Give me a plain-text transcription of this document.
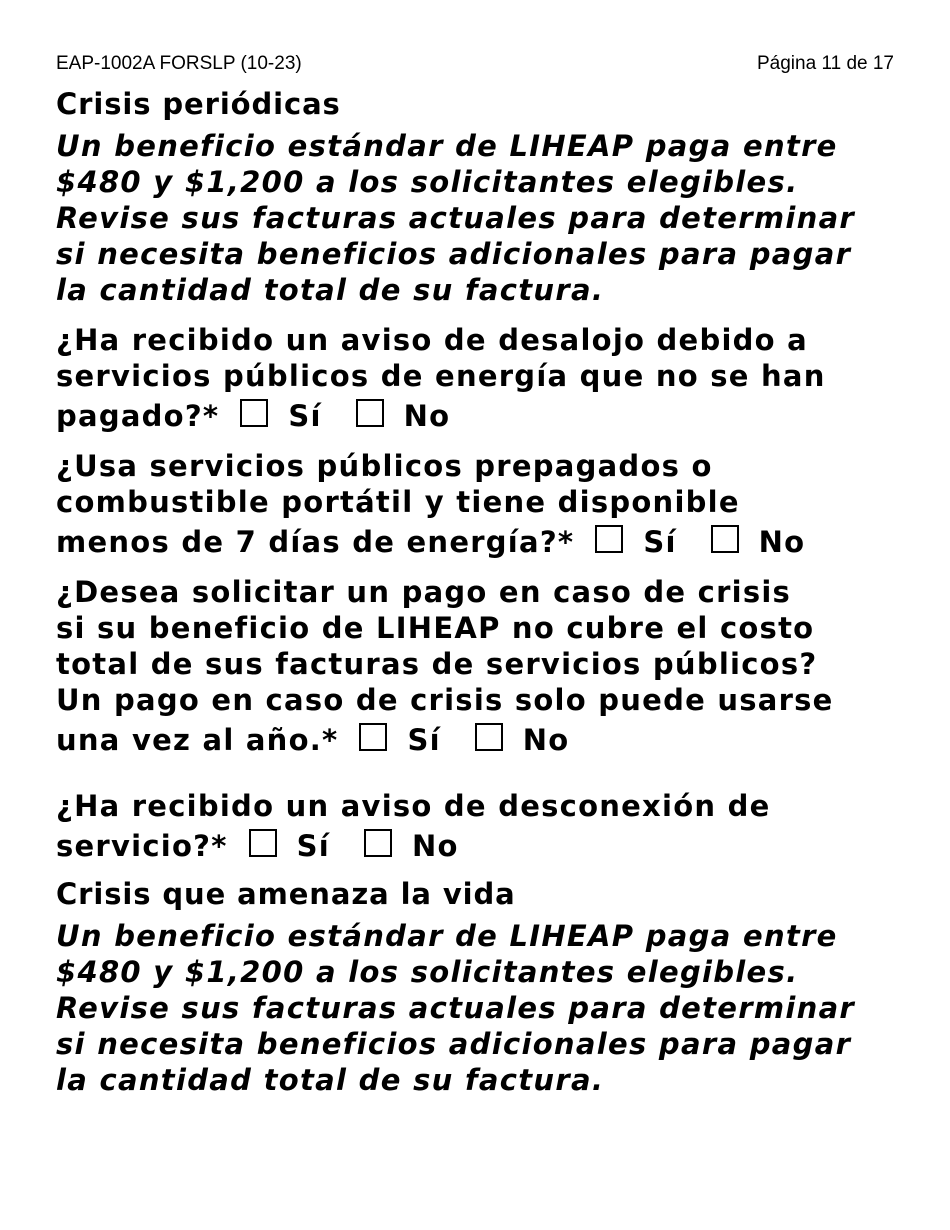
EAP-1002A FORSLP (10-23)	Página 11 de 17
Crisis periódicas
Un beneficio estándar de LIHEAP paga entre
$480 y $1,200 a los solicitantes elegibles.
Revise sus facturas actuales para determinar
si necesita beneficios adicionales para pagar
la cantidad total de su factura.
¿Ha recibido un aviso de desalojo debido a
servicios públicos de energía que no se han
pagado?* Sí	No
¿Usa servicios públicos prepagados o
combustible portátil y tiene disponible
menos de 7 días de energía?* Sí	No
¿Desea solicitar un pago en caso de crisis
si su beneficio de LIHEAP no cubre el costo
total de sus facturas de servicios públicos?
Un pago en caso de crisis solo puede usarse
una vez al año.* Sí	No
¿Ha recibido un aviso de desconexión de
servicio?* Sí	No
Crisis que amenaza la vida
Un beneficio estándar de LIHEAP paga entre
$480 y $1,200 a los solicitantes elegibles.
Revise sus facturas actuales para determinar
si necesita beneficios adicionales para pagar
la cantidad total de su factura.
